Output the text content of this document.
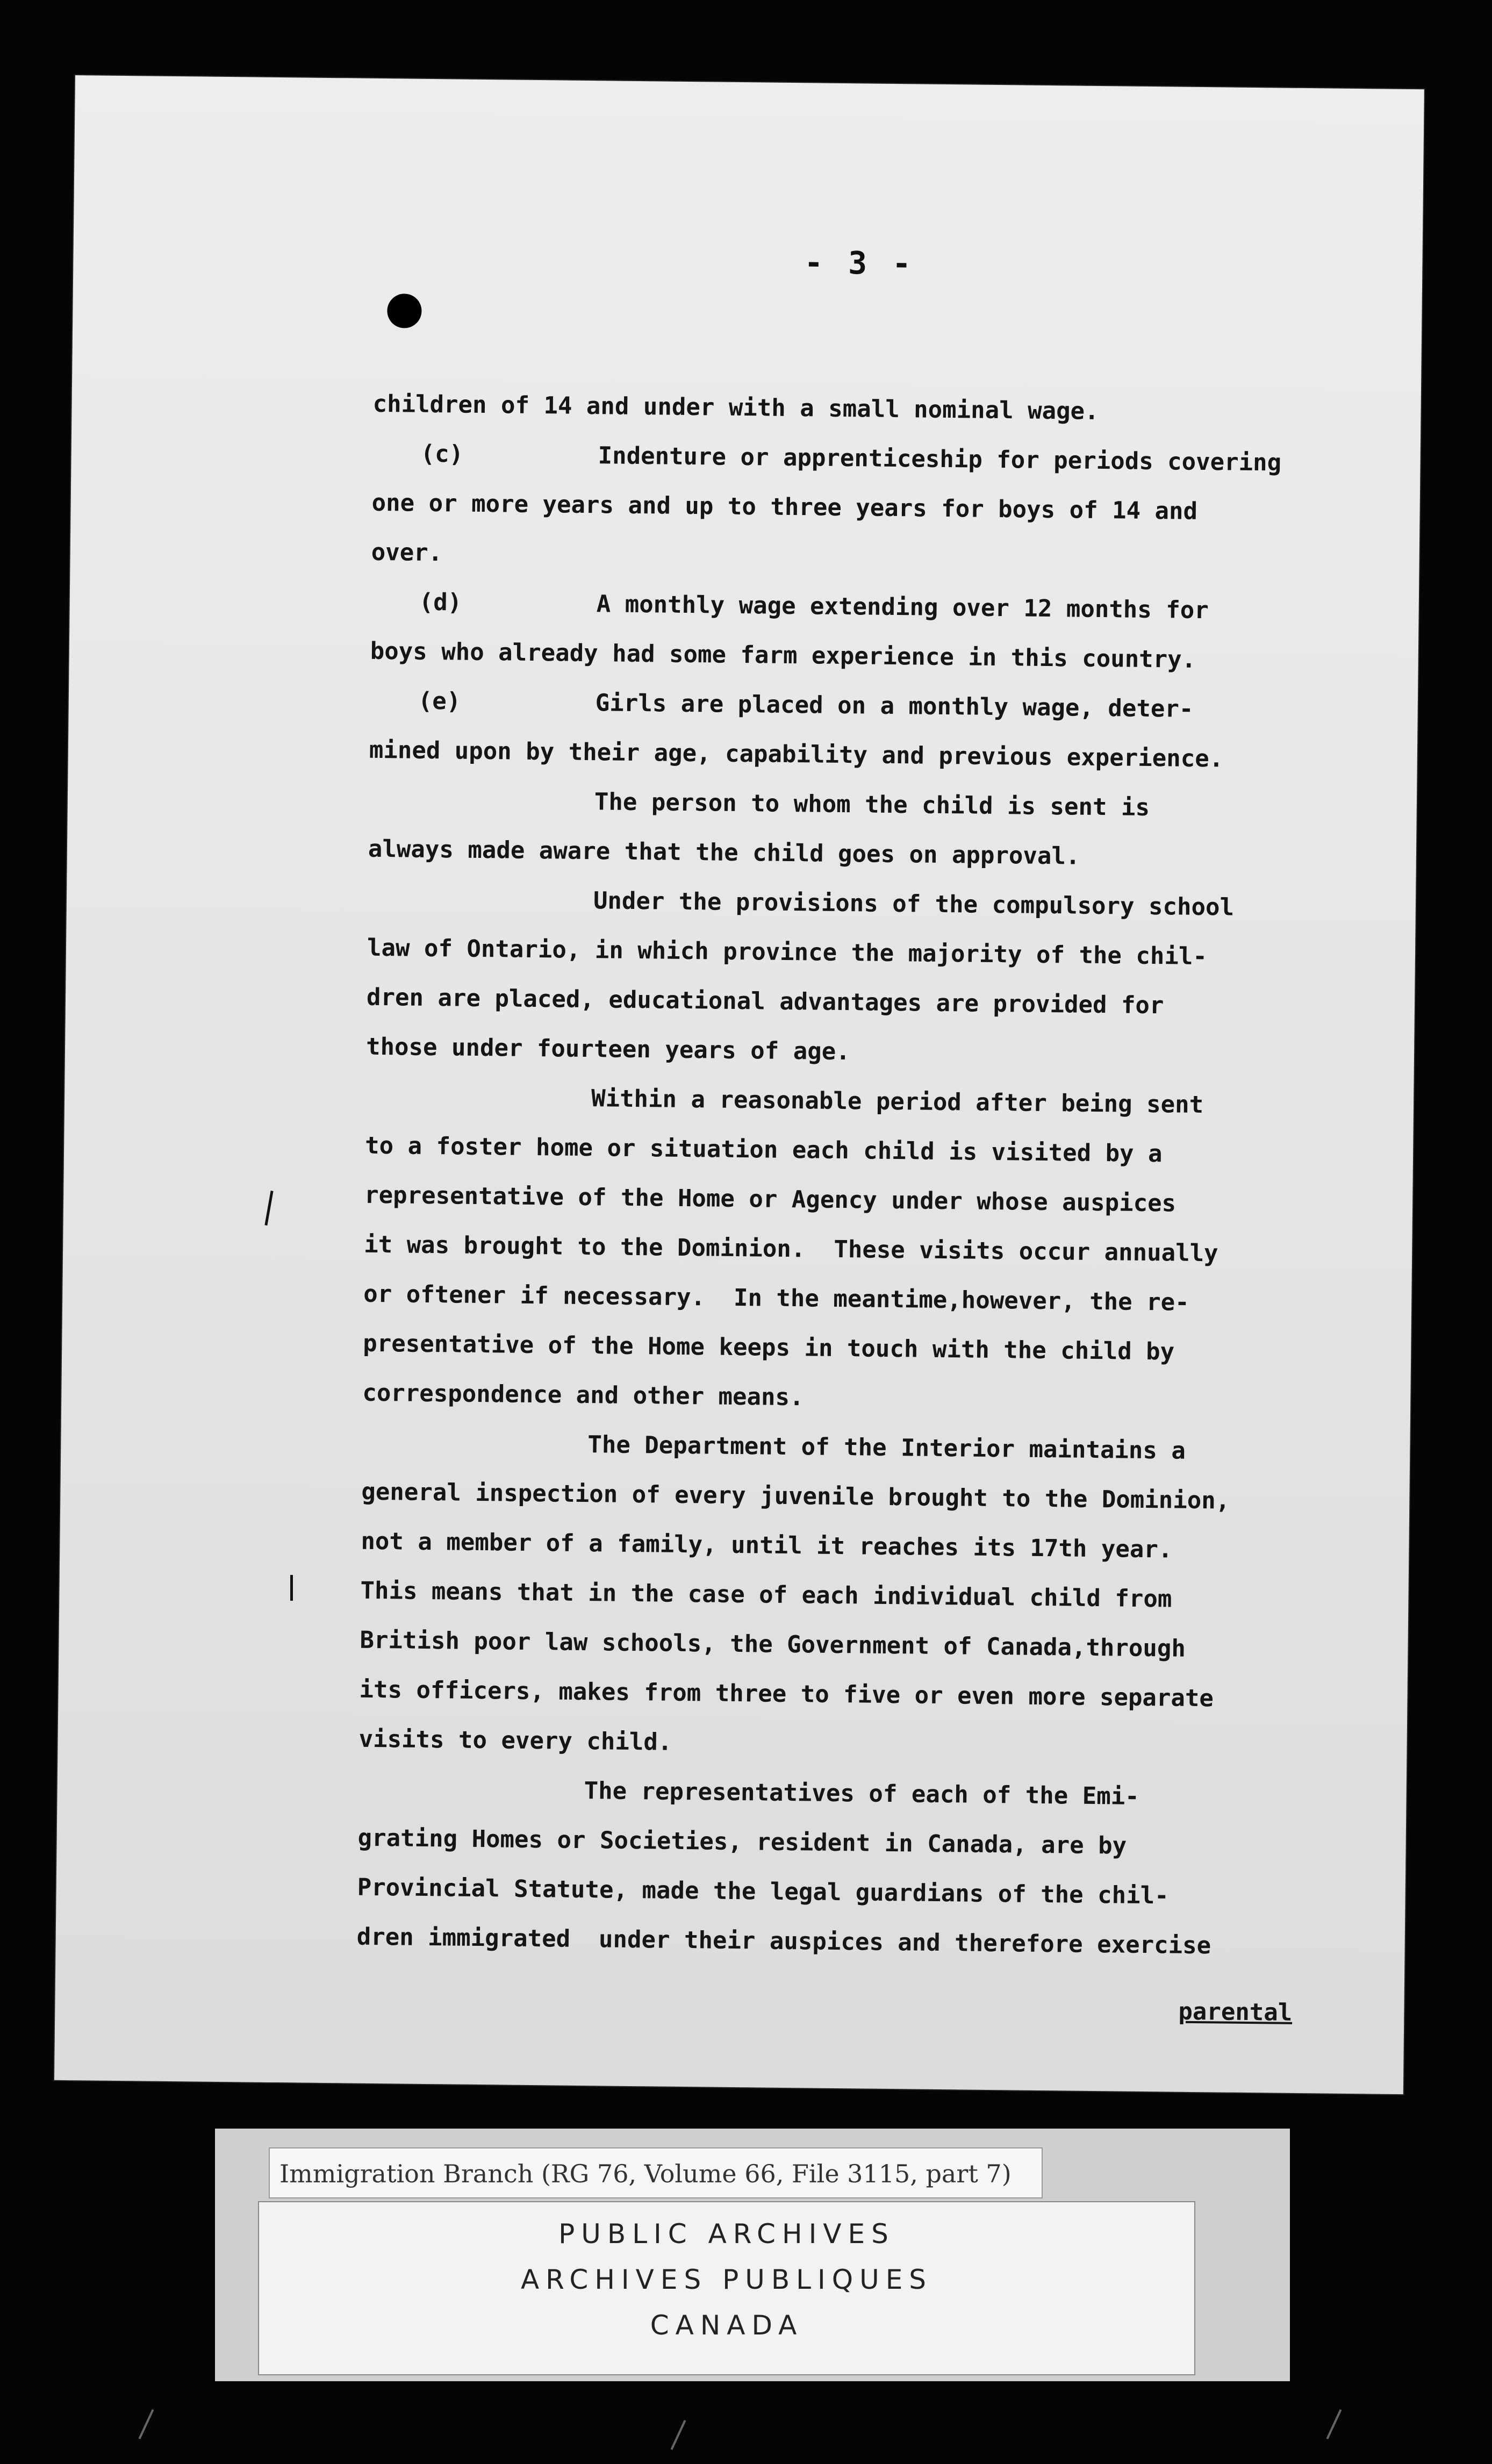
- 3 -
children of 14 and under with a small nominal wage.
(c)	Indenture or apprenticeship for periods covering
one or more years and up to three years for boys of 14 and
over.
(d)	A monthly wage extending over 12 months for
boys who already had some farm experience in this country.
(e)	Girls are placed on a monthly wage, deter-
mined upon by their age, capability and previous experience.
The person to whom the child is sent is
always made aware that the child goes on approval.
Under the provisions of the compulsory school
law of Ontario, in which province the majority of the chil-
dren are placed, educational advantages are provided for
those under fourteen years of age.
Within a reasonable period after being sent
to a foster home or situation each child is visited by a
representative of the Home or Agency under whose auspices
it was brought to the Dominion.  These visits occur annually
or oftener if necessary.  In the meantime,however, the re-
presentative of the Home keeps in touch with the child by
correspondence and other means.
The Department of the Interior maintains a
general inspection of every juvenile brought to the Dominion,
not a member of a family, until it reaches its 17th year.
This means that in the case of each individual child from
British poor law schools, the Government of Canada,through
its officers, makes from three to five or even more separate
visits to every child.
The representatives of each of the Emi-
grating Homes or Societies, resident in Canada, are by
Provincial Statute, made the legal guardians of the chil-
dren immigrated  under their auspices and therefore exercise
parental
Immigration Branch (RG 76, Volume 66, File 3115, part 7)
PUBLIC ARCHIVES
ARCHIVES PUBLIQUES
CANADA
